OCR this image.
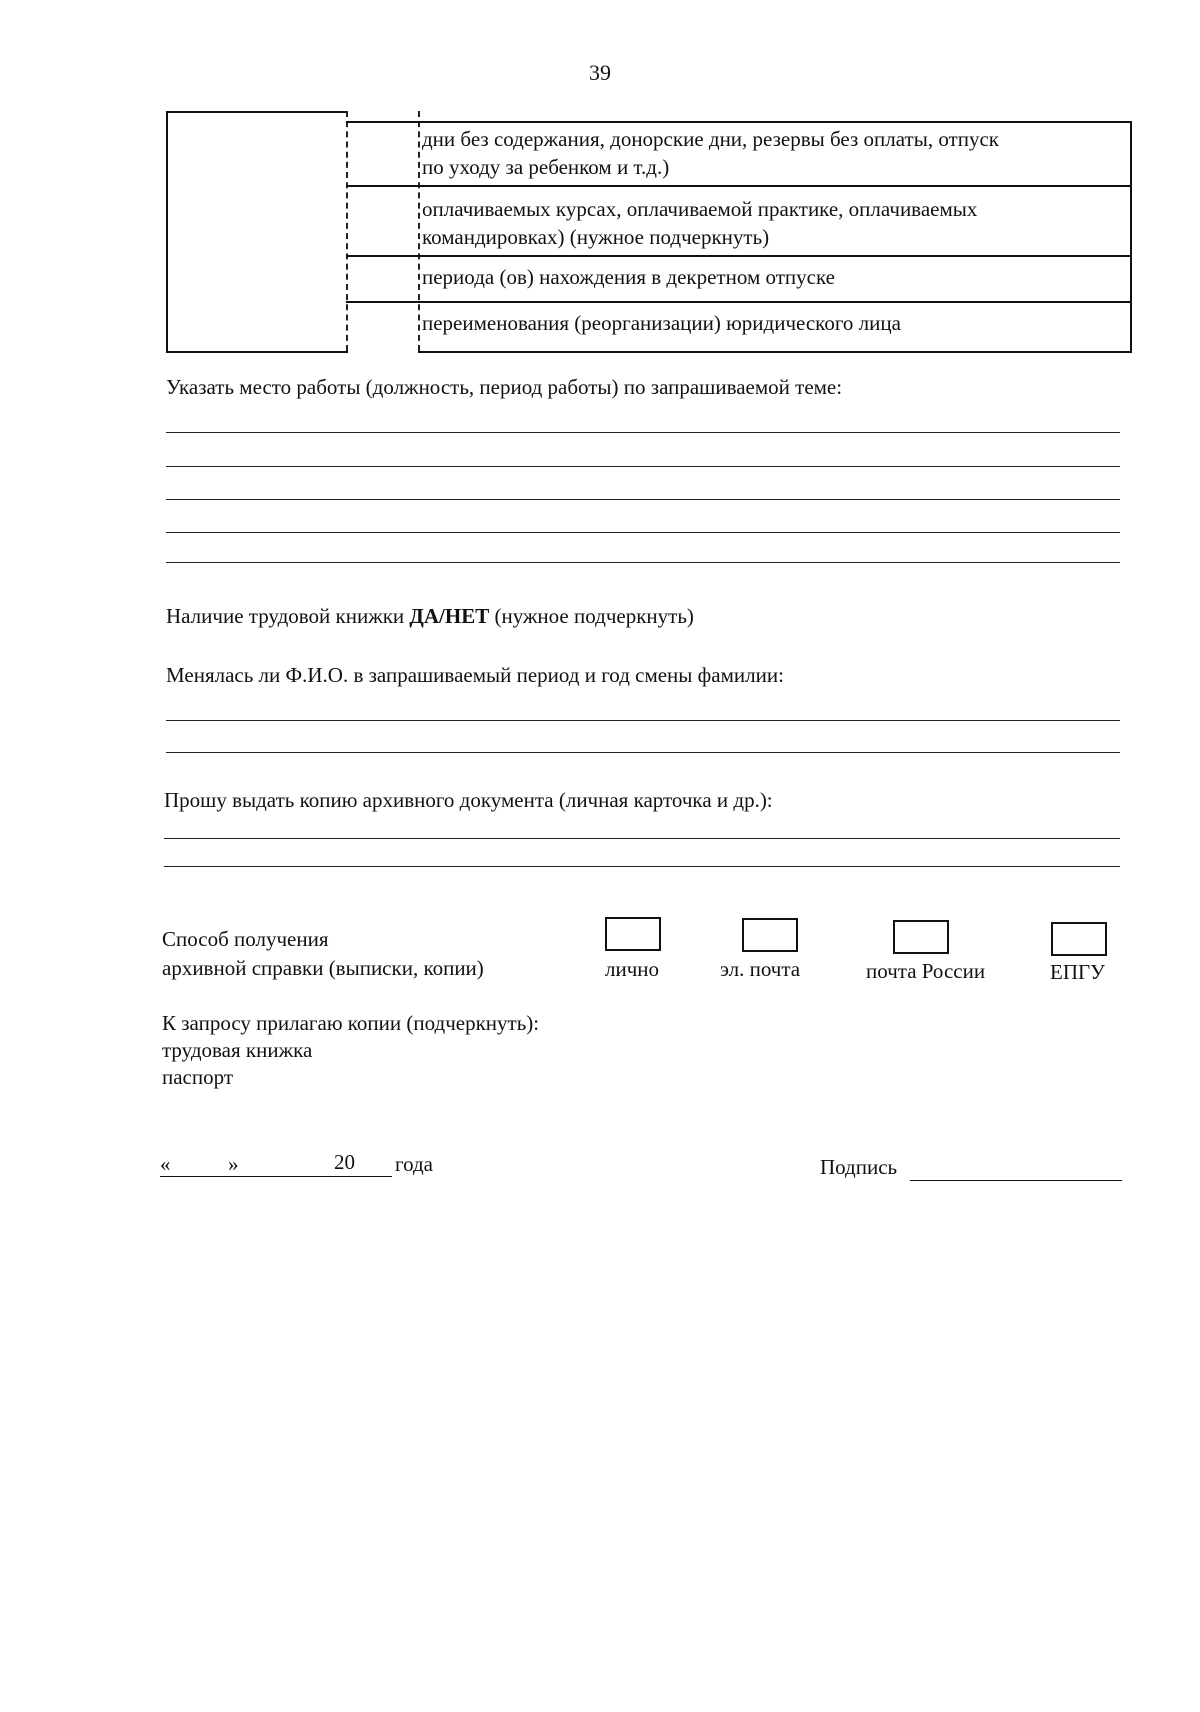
39
дни без содержания, донорские дни, резервы без оплаты, отпуск
по уходу за ребенком и т.д.)
оплачиваемых курсах, оплачиваемой практике, оплачиваемых
командировках) (нужное подчеркнуть)
периода (ов) нахождения в декретном отпуске
переименования (реорганизации) юридического лица
Указать место работы (должность, период работы) по запрашиваемой теме:
Наличие трудовой книжки ДА/НЕТ (нужное подчеркнуть)
Менялась ли Ф.И.О. в запрашиваемый период и год смены фамилии:
Прошу выдать копию архивного документа (личная карточка и др.):
Способ получения
архивной справки (выписки, копии)	лично	эл. почта	почта России	ЕПГУ
К запросу прилагаю копии (подчеркнуть):
трудовая книжка
паспорт
«	»	20 года	Подпись
